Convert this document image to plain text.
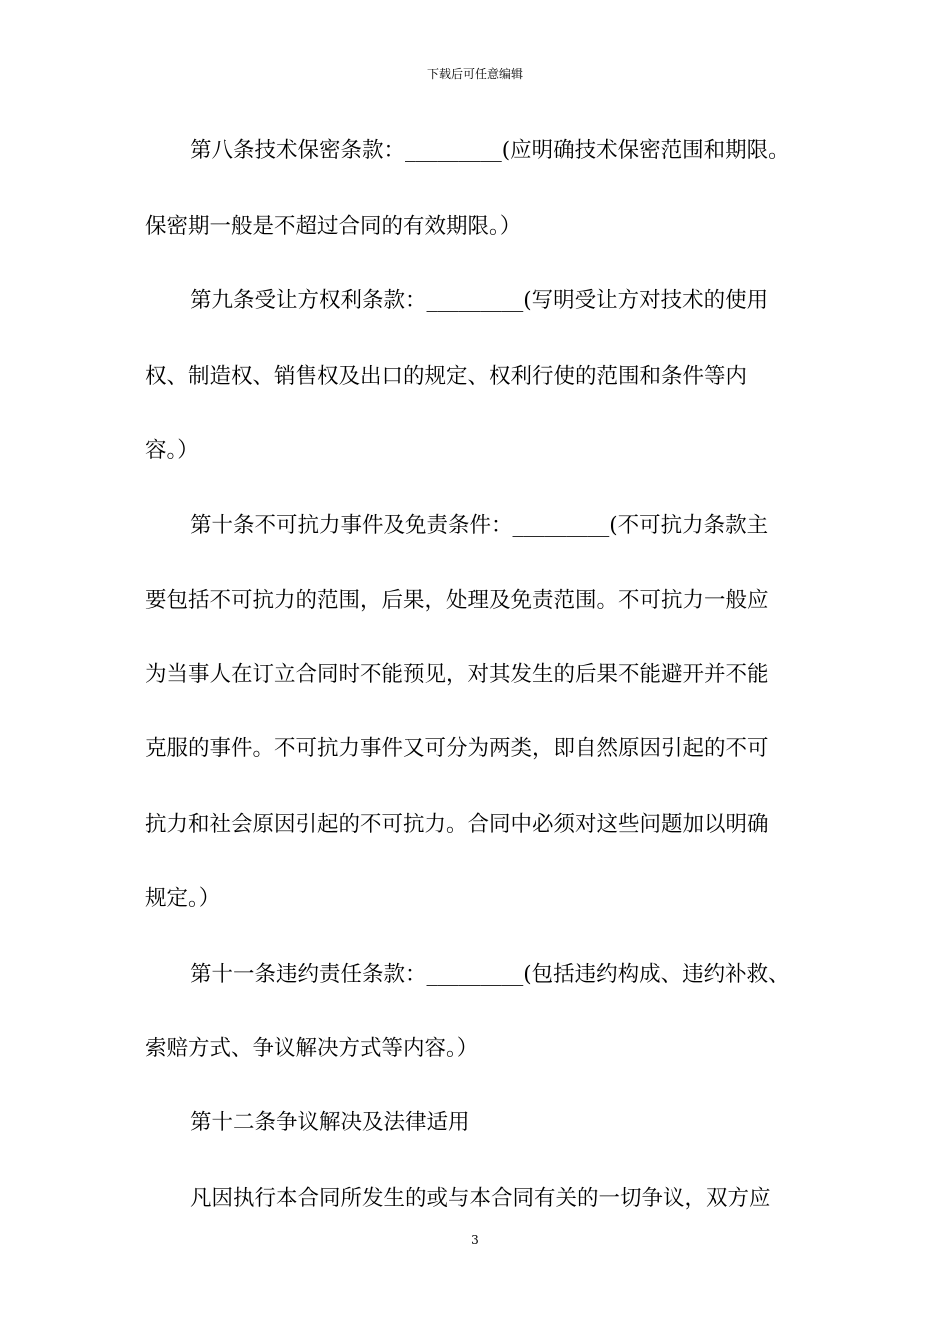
下载后可任意编辑
第八条技术保密条款：_________(应明确技术保密范围和期限。
保密期一般是不超过合同的有效期限。）
第九条受让方权利条款：_________(写明受让方对技术的使用
权、制造权、销售权及出口的规定、权利行使的范围和条件等内
容。）
第十条不可抗力事件及免责条件：_________(不可抗力条款主
要包括不可抗力的范围，后果，处理及免责范围。不可抗力一般应
为当事人在订立合同时不能预见，对其发生的后果不能避开并不能
克服的事件。不可抗力事件又可分为两类，即自然原因引起的不可
抗力和社会原因引起的不可抗力。合同中必须对这些问题加以明确
规定。）
第十一条违约责任条款：_________(包括违约构成、违约补救、
索赔方式、争议解决方式等内容。）
第十二条争议解决及法律适用
凡因执行本合同所发生的或与本合同有关的一切争议，双方应
3
